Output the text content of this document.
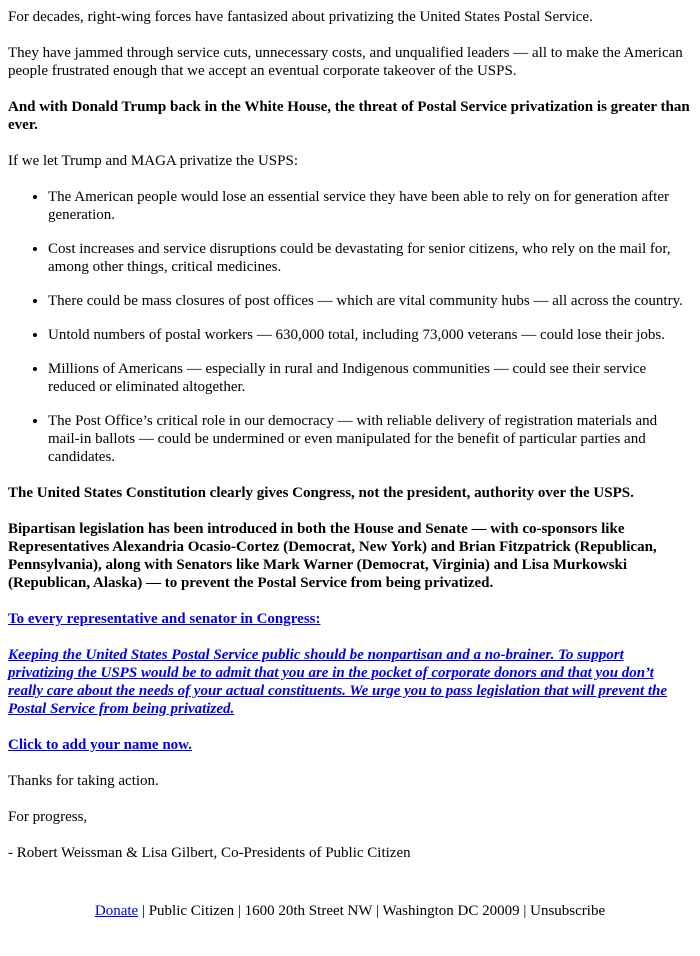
For decades, right-wing forces have fantasized about privatizing the United States Postal Service.

They have jammed through service cuts, unnecessary costs, and unqualified leaders — all to make the American people frustrated enough that we accept an eventual corporate takeover of the USPS.

And with Donald Trump back in the White House, the threat of Postal Service privatization is greater than ever.

If we let Trump and MAGA privatize the USPS:

• The American people would lose an essential service they have been able to rely on for generation after generation.
• Cost increases and service disruptions could be devastating for senior citizens, who rely on the mail for, among other things, critical medicines.
• There could be mass closures of post offices — which are vital community hubs — all across the country.
• Untold numbers of postal workers — 630,000 total, including 73,000 veterans — could lose their jobs.
• Millions of Americans — especially in rural and Indigenous communities — could see their service reduced or eliminated altogether.
• The Post Office’s critical role in our democracy — with reliable delivery of registration materials and mail-in ballots — could be undermined or even manipulated for the benefit of particular parties and candidates.

The United States Constitution clearly gives Congress, not the president, authority over the USPS.

Bipartisan legislation has been introduced in both the House and Senate — with co-sponsors like Representatives Alexandria Ocasio-Cortez (Democrat, New York) and Brian Fitzpatrick (Republican, Pennsylvania), along with Senators like Mark Warner (Democrat, Virginia) and Lisa Murkowski (Republican, Alaska) — to prevent the Postal Service from being privatized.

To every representative and senator in Congress:

Keeping the United States Postal Service public should be nonpartisan and a no-brainer. To support privatizing the USPS would be to admit that you are in the pocket of corporate donors and that you don’t really care about the needs of your actual constituents. We urge you to pass legislation that will prevent the Postal Service from being privatized.

Click to add your name now.

Thanks for taking action.

For progress,

- Robert Weissman & Lisa Gilbert, Co-Presidents of Public Citizen

Donate | Public Citizen | 1600 20th Street NW | Washington DC 20009 | Unsubscribe
